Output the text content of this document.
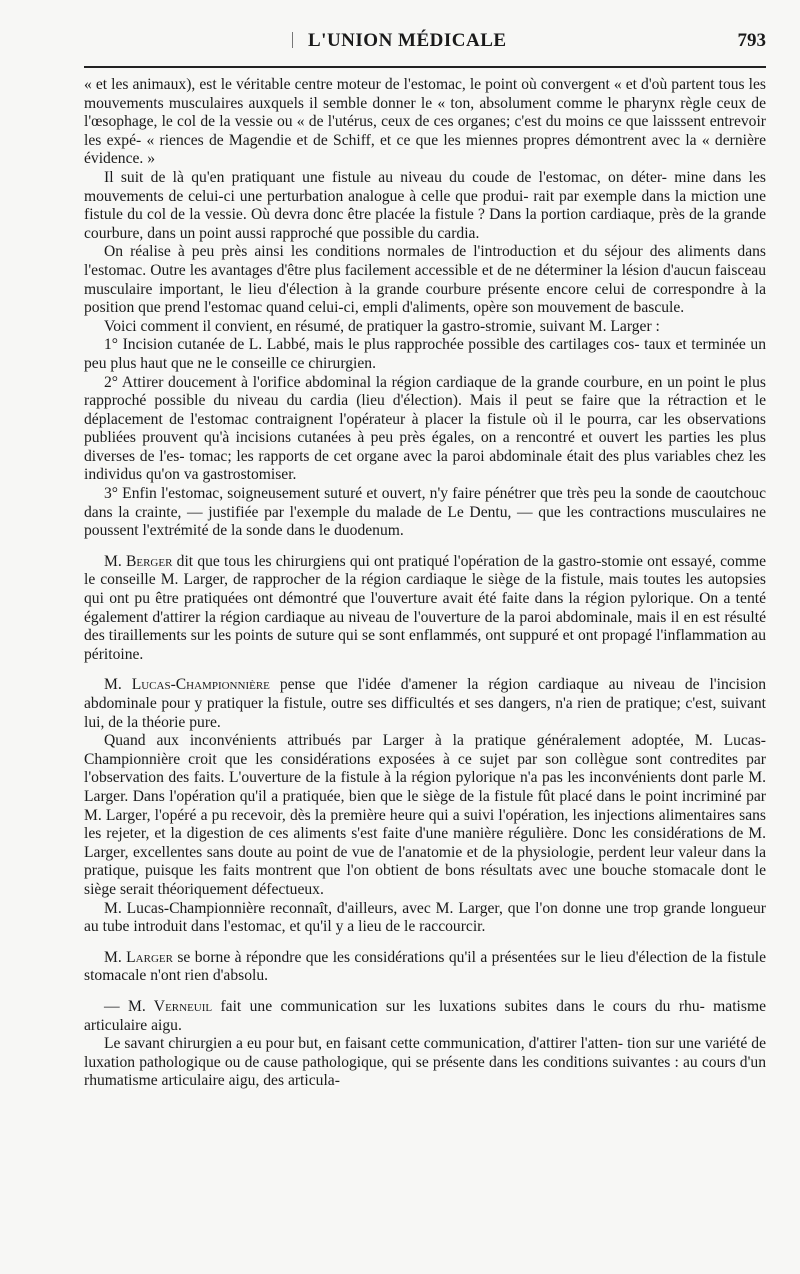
L'UNION MÉDICALE	793

« et les animaux), est le véritable centre moteur de l'estomac, le point où convergent « et d'où partent tous les mouvements musculaires auxquels il semble donner le « ton, absolument comme le pharynx règle ceux de l'œsophage, le col de la vessie ou « de l'utérus, ceux de ces organes; c'est du moins ce que laisssent entrevoir les expé- « riences de Magendie et de Schiff, et ce que les miennes propres démontrent avec la « dernière évidence. »

Il suit de là qu'en pratiquant une fistule au niveau du coude de l'estomac, on déter- mine dans les mouvements de celui-ci une perturbation analogue à celle que produi- rait par exemple dans la miction une fistule du col de la vessie. Où devra donc être placée la fistule ? Dans la portion cardiaque, près de la grande courbure, dans un point aussi rapproché que possible du cardia.

On réalise à peu près ainsi les conditions normales de l'introduction et du séjour des aliments dans l'estomac. Outre les avantages d'être plus facilement accessible et de ne déterminer la lésion d'aucun faisceau musculaire important, le lieu d'élection à la grande courbure présente encore celui de correspondre à la position que prend l'estomac quand celui-ci, empli d'aliments, opère son mouvement de bascule.

Voici comment il convient, en résumé, de pratiquer la gastro-stromie, suivant M. Larger :

1° Incision cutanée de L. Labbé, mais le plus rapprochée possible des cartilages cos- taux et terminée un peu plus haut que ne le conseille ce chirurgien.

2° Attirer doucement à l'orifice abdominal la région cardiaque de la grande courbure, en un point le plus rapproché possible du niveau du cardia (lieu d'élection). Mais il peut se faire que la rétraction et le déplacement de l'estomac contraignent l'opérateur à placer la fistule où il le pourra, car les observations publiées prouvent qu'à incisions cutanées à peu près égales, on a rencontré et ouvert les parties les plus diverses de l'es- tomac; les rapports de cet organe avec la paroi abdominale était des plus variables chez les individus qu'on va gastrostomiser.

3° Enfin l'estomac, soigneusement suturé et ouvert, n'y faire pénétrer que très peu la sonde de caoutchouc dans la crainte, — justifiée par l'exemple du malade de Le Dentu, — que les contractions musculaires ne poussent l'extrémité de la sonde dans le duodenum.

M. Berger dit que tous les chirurgiens qui ont pratiqué l'opération de la gastro-stomie ont essayé, comme le conseille M. Larger, de rapprocher de la région cardiaque le siège de la fistule, mais toutes les autopsies qui ont pu être pratiquées ont démontré que l'ouverture avait été faite dans la région pylorique. On a tenté également d'attirer la région cardiaque au niveau de l'ouverture de la paroi abdominale, mais il en est résulté des tiraillements sur les points de suture qui se sont enflammés, ont suppuré et ont propagé l'inflammation au péritoine.

M. Lucas-Championnière pense que l'idée d'amener la région cardiaque au niveau de l'incision abdominale pour y pratiquer la fistule, outre ses difficultés et ses dangers, n'a rien de pratique; c'est, suivant lui, de la théorie pure.

Quand aux inconvénients attribués par Larger à la pratique généralement adoptée, M. Lucas-Championnière croit que les considérations exposées à ce sujet par son collègue sont contredites par l'observation des faits. L'ouverture de la fistule à la région pylorique n'a pas les inconvénients dont parle M. Larger. Dans l'opération qu'il a pratiquée, bien que le siège de la fistule fût placé dans le point incriminé par M. Larger, l'opéré a pu recevoir, dès la première heure qui a suivi l'opération, les injections alimentaires sans les rejeter, et la digestion de ces aliments s'est faite d'une manière régulière. Donc les considérations de M. Larger, excellentes sans doute au point de vue de l'anatomie et de la physiologie, perdent leur valeur dans la pratique, puisque les faits montrent que l'on obtient de bons résultats avec une bouche stomacale dont le siège serait théoriquement défectueux.

M. Lucas-Championnière reconnaît, d'ailleurs, avec M. Larger, que l'on donne une trop grande longueur au tube introduit dans l'estomac, et qu'il y a lieu de le raccourcir.

M. Larger se borne à répondre que les considérations qu'il a présentées sur le lieu d'élection de la fistule stomacale n'ont rien d'absolu.

— M. Verneuil fait une communication sur les luxations subites dans le cours du rhu- matisme articulaire aigu.

Le savant chirurgien a eu pour but, en faisant cette communication, d'attirer l'atten- tion sur une variété de luxation pathologique ou de cause pathologique, qui se présente dans les conditions suivantes : au cours d'un rhumatisme articulaire aigu, des articula-
